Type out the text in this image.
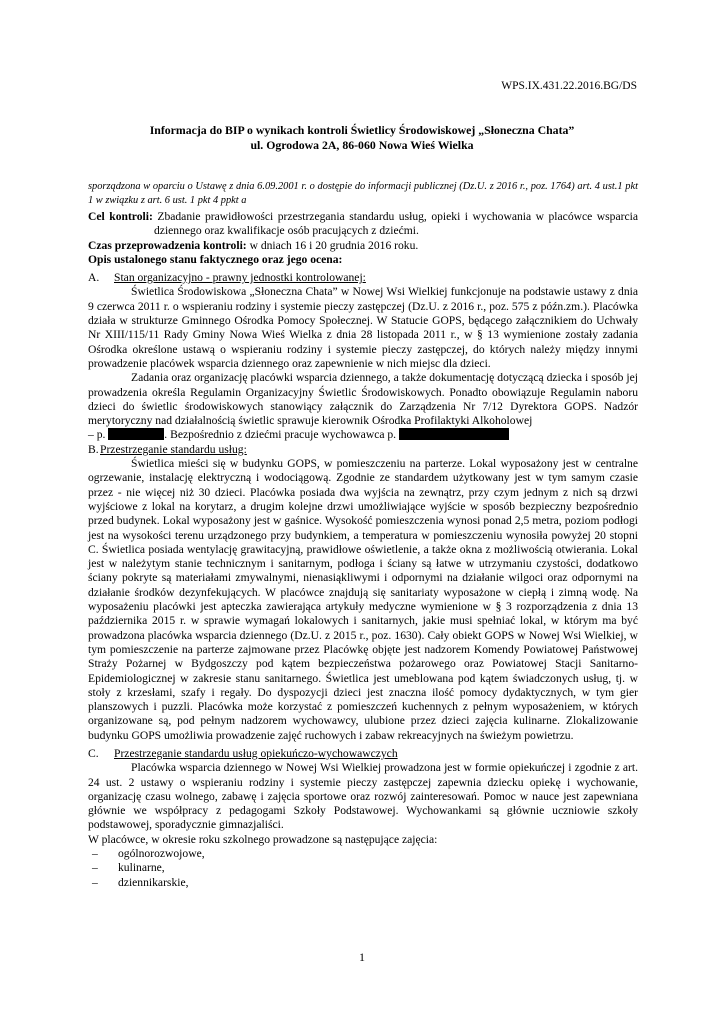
WPS.IX.431.22.2016.BG/DS
Informacja do BIP o wynikach kontroli Świetlicy Środowiskowej „Słoneczna Chata”
ul. Ogrodowa 2A, 86-060 Nowa Wieś Wielka
sporządzona w oparciu o Ustawę z dnia 6.09.2001 r. o dostępie do informacji publicznej (Dz.U. z 2016 r., poz. 1764) art. 4 ust.1 pkt 1 w związku z art. 6 ust. 1 pkt 4 ppkt a

Cel kontroli: Zbadanie prawidłowości przestrzegania standardu usług, opieki i wychowania w placówce wsparcia

dziennego oraz kwalifikacje osób pracujących z dziećmi.

Czas przeprowadzenia kontroli: w dniach 16 i 20 grudnia 2016 roku.

Opis ustalonego stanu faktycznego oraz jego ocena:

A.	Stan organizacyjno - prawny jednostki kontrolowanej:

Świetlica Środowiskowa „Słoneczna Chata” w Nowej Wsi Wielkiej funkcjonuje na podstawie ustawy z dnia 9 czerwca 2011 r. o wspieraniu rodziny i systemie pieczy zastępczej (Dz.U. z 2016 r., poz. 575 z późn.zm.). Placówka działa w strukturze Gminnego Ośrodka Pomocy Społecznej. W Statucie GOPS, będącego załącznikiem do Uchwały Nr XIII/115/11 Rady Gminy Nowa Wieś Wielka z dnia 28 listopada 2011 r., w § 13 wymienione zostały zadania Ośrodka określone ustawą o wspieraniu rodziny i systemie pieczy zastępczej, do których należy między innymi prowadzenie placówek wsparcia dziennego oraz zapewnienie w nich miejsc dla dzieci.

Zadania oraz organizację placówki wsparcia dziennego, a także dokumentację dotyczącą dziecka i sposób jej prowadzenia określa Regulamin Organizacyjny Świetlic Środowiskowych. Ponadto obowiązuje Regulamin naboru dzieci do świetlic środowiskowych stanowiący załącznik do Zarządzenia Nr 7/12 Dyrektora GOPS. Nadzór merytoryczny nad działalnością świetlic sprawuje kierownik Ośrodka Profilaktyki Alkoholowej

– p.	. Bezpośrednio z dziećmi pracuje wychowawca p.

B. Przestrzeganie standardu usług:

Świetlica mieści się w budynku GOPS, w pomieszczeniu na parterze. Lokal wyposażony jest w centralne ogrzewanie, instalację elektryczną i wodociągową. Zgodnie ze standardem użytkowany jest w tym samym czasie przez - nie więcej niż 30 dzieci. Placówka posiada dwa wyjścia na zewnątrz, przy czym jednym z nich są drzwi wyjściowe z lokal na korytarz, a drugim kolejne drzwi umożliwiające wyjście w sposób bezpieczny bezpośrednio przed budynek. Lokal wyposażony jest w gaśnice. Wysokość pomieszczenia wynosi ponad 2,5 metra, poziom podłogi jest na wysokości terenu urządzonego przy budynkiem, a temperatura w pomieszczeniu wynosiła powyżej 20 stopni C. Świetlica posiada wentylację grawitacyjną, prawidłowe oświetlenie, a także okna z możliwością otwierania. Lokal jest w należytym stanie technicznym i sanitarnym, podłoga i ściany są łatwe w utrzymaniu czystości, dodatkowo ściany pokryte są materiałami zmywalnymi, nienasiąkliwymi i odpornymi na działanie wilgoci oraz odpornymi na działanie środków dezynfekujących. W placówce znajdują się sanitariaty wyposażone w ciepłą i zimną wodę. Na wyposażeniu placówki jest apteczka zawierająca artykuły medyczne wymienione w § 3 rozporządzenia z dnia 13 października 2015 r. w sprawie wymagań lokalowych i sanitarnych, jakie musi spełniać lokal, w którym ma być prowadzona placówka wsparcia dziennego (Dz.U. z 2015 r., poz. 1630). Cały obiekt GOPS w Nowej Wsi Wielkiej, w tym pomieszczenie na parterze zajmowane przez Placówkę objęte jest nadzorem Komendy Powiatowej Państwowej Straży Pożarnej w Bydgoszczy pod kątem bezpieczeństwa pożarowego oraz Powiatowej Stacji Sanitarno-Epidemiologicznej w zakresie stanu sanitarnego. Świetlica jest umeblowana pod kątem świadczonych usług, tj. w stoły z krzesłami, szafy i regały. Do dyspozycji dzieci jest znaczna ilość pomocy dydaktycznych, w tym gier planszowych i puzzli. Placówka może korzystać z pomieszczeń kuchennych z pełnym wyposażeniem, w których organizowane są, pod pełnym nadzorem wychowawcy, ulubione przez dzieci zajęcia kulinarne. Zlokalizowanie budynku GOPS umożliwia prowadzenie zajęć ruchowych i zabaw rekreacyjnych na świeżym powietrzu.

C.	Przestrzeganie standardu usług opiekuńczo-wychowawczych

Placówka wsparcia dziennego w Nowej Wsi Wielkiej prowadzona jest w formie opiekuńczej i zgodnie z art. 24 ust. 2 ustawy o wspieraniu rodziny i systemie pieczy zastępczej zapewnia dziecku opiekę i wychowanie, organizację czasu wolnego, zabawę i zajęcia sportowe oraz rozwój zainteresowań. Pomoc w nauce jest zapewniana głównie we współpracy z pedagogami Szkoły Podstawowej. Wychowankami są głównie uczniowie szkoły podstawowej, sporadycznie gimnazjaliści.

W placówce, w okresie roku szkolnego prowadzone są następujące zajęcia:

– ogólnorozwojowe,
– kulinarne,
– dziennikarskie,
1
